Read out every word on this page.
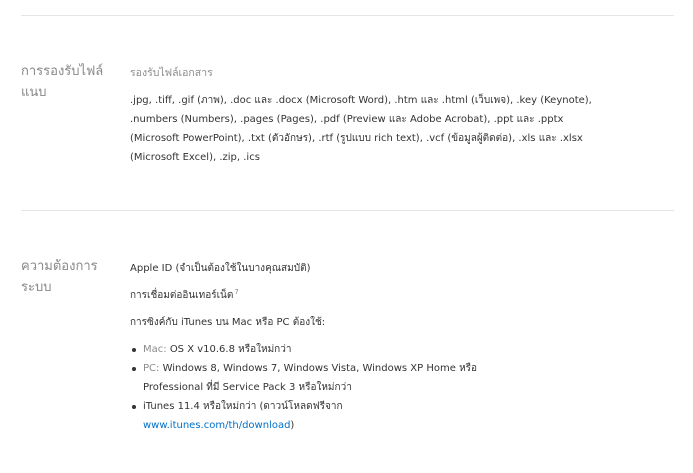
การรองรับไฟล์แนบ
รองรับไฟล์เอกสาร

.jpg, .tiff, .gif (ภาพ), .doc และ .docx (Microsoft Word), .htm และ .html (เว็บเพจ), .key (Keynote), .numbers (Numbers), .pages (Pages), .pdf (Preview และ Adobe Acrobat), .ppt และ .pptx (Microsoft PowerPoint), .txt (ตัวอักษร), .rtf (รูปแบบ rich text), .vcf (ข้อมูลผู้ติดต่อ), .xls และ .xlsx (Microsoft Excel), .zip, .ics

ความต้องการระบบ
Apple ID (จำเป็นต้องใช้ในบางคุณสมบัติ)
การเชื่อมต่ออินเทอร์เน็ต$^7$
การซิงค์กับ iTunes บน Mac หรือ PC ต้องใช้:
Mac: OS X v10.6.8 หรือใหม่กว่า
PC: Windows 8, Windows 7, Windows Vista, Windows XP Home หรือ Professional ที่มี Service Pack 3 หรือใหม่กว่า
iTunes 11.4 หรือใหม่กว่า (ดาวน์โหลดฟรีจาก
www.itunes.com/th/download)
